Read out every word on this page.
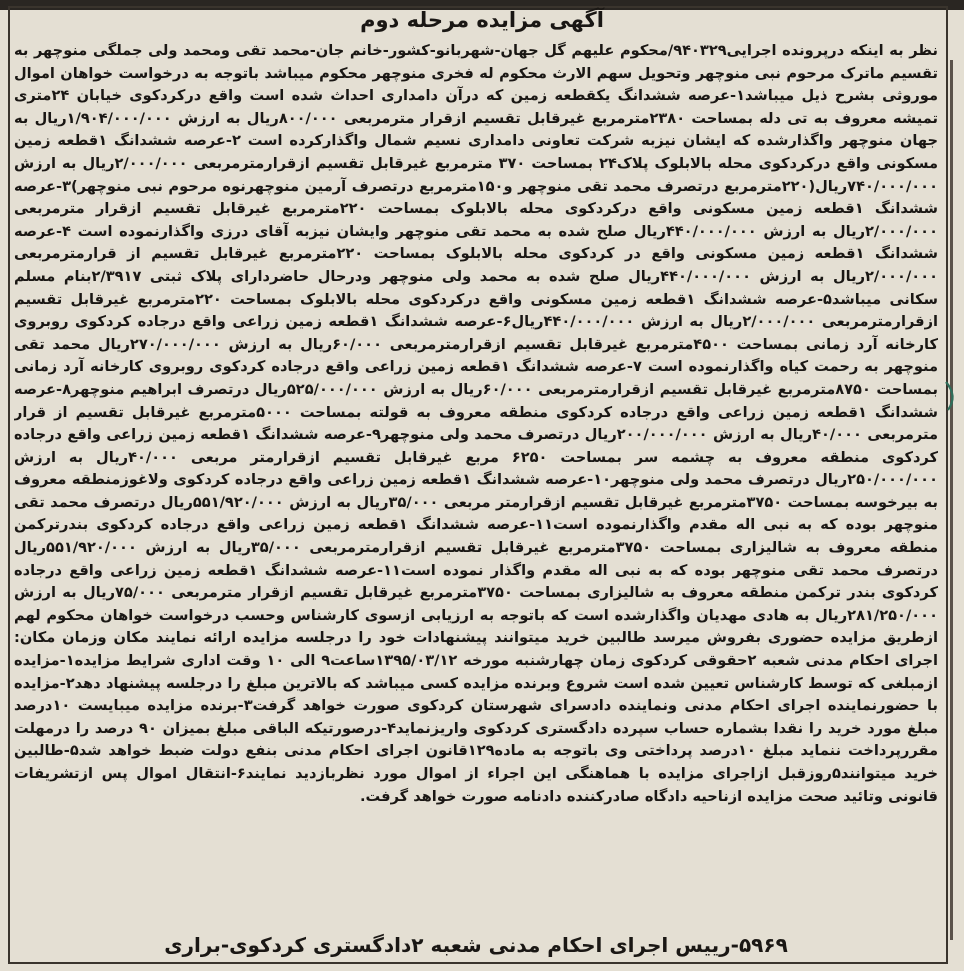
آگهی مزایده مرحله دوم
نظر به اینکه درپرونده اجرایی۹۴۰۳۲۹/محکوم علیهم گل جهان-شهربانو-کشور-خانم جان-محمد تقی ومحمد ولی جملگی منوچهر به تقسیم ماترک مرحوم نبی منوچهر وتحویل سهم الارث محکوم له فخری منوچهر محکوم میباشد باتوجه به درخواست خواهان اموال موروثی بشرح ذیل میباشد۱-عرصه ششدانگ یکقطعه زمین که درآن دامداری احداث شده است واقع درکردکوی خیابان ۲۴متری تمیشه معروف به تی دله بمساحت ۲۳۸۰مترمربع غیرقابل تقسیم ازقرار مترمربعی ۸۰۰/۰۰۰ریال به ارزش ۱/۹۰۴/۰۰۰/۰۰۰ریال به جهان منوچهر واگذارشده که ایشان نیزبه شرکت تعاونی دامداری نسیم شمال واگذارکرده است ۲-عرصه ششدانگ ۱قطعه زمین مسکونی واقع درکردکوی محله بالابلوک پلاک۲۴ بمساحت ۳۷۰ مترمربع غیرقابل تقسیم ازقرارمترمربعی ۲/۰۰۰/۰۰۰ریال به ارزش ۷۴۰/۰۰۰/۰۰۰ریال(۲۲۰مترمربع درتصرف محمد تقی منوچهر و۱۵۰مترمربع درتصرف آرمین منوچهرنوه مرحوم نبی منوچهر)۳-عرصه ششدانگ ۱قطعه زمین مسکونی واقع درکردکوی محله بالابلوک بمساحت ۲۲۰مترمربع غیرقابل تقسیم ازقرار مترمربعی ۲/۰۰۰/۰۰۰ریال به ارزش ۴۴۰/۰۰۰/۰۰۰ریال صلح شده به محمد تقی منوچهر وایشان نیزبه آقای درزی واگذارنموده است ۴-عرصه ششدانگ ۱قطعه زمین مسکونی واقع در کردکوی محله بالابلوک بمساحت ۲۲۰مترمربع غیرقابل تقسیم از قرارمترمربعی ۲/۰۰۰/۰۰۰ریال به ارزش ۴۴۰/۰۰۰/۰۰۰ریال صلح شده به محمد ولی منوچهر ودرحال حاضردارای پلاک ثبتی ۲/۳۹۱۷بنام مسلم سکانی میباشد۵-عرصه ششدانگ ۱قطعه زمین مسکونی واقع درکردکوی محله بالابلوک بمساحت ۲۲۰مترمربع غیرقابل تقسیم ازقرارمترمربعی ۲/۰۰۰/۰۰۰ریال به ارزش ۴۴۰/۰۰۰/۰۰۰ریال۶-عرصه ششدانگ ۱قطعه زمین زراعی واقع درجاده کردکوی روبروی کارخانه آرد زمانی بمساحت ۴۵۰۰مترمربع غیرقابل تقسیم ازقرارمترمربعی ۶۰/۰۰۰ریال به ارزش ۲۷۰/۰۰۰/۰۰۰ریال محمد تقی منوچهر به رحمت کیاه واگذارنموده است ۷-عرصه ششدانگ ۱قطعه زمین زراعی واقع درجاده کردکوی روبروی کارخانه آرد زمانی بمساحت ۸۷۵۰مترمربع غیرقابل تقسیم ازقرارمترمربعی ۶۰/۰۰۰ریال به ارزش ۵۲۵/۰۰۰/۰۰۰ریال درتصرف ابراهیم منوچهر۸-عرصه ششدانگ ۱قطعه زمین زراعی واقع درجاده کردکوی منطقه معروف به قولته بمساحت ۵۰۰۰مترمربع غیرقابل تقسیم از قرار مترمربعی ۴۰/۰۰۰ریال به ارزش ۲۰۰/۰۰۰/۰۰۰ریال درتصرف محمد ولی منوچهر۹-عرصه ششدانگ ۱قطعه زمین زراعی واقع درجاده کردکوی منطقه معروف به چشمه سر بمساحت ۶۲۵۰ مربع غیرقابل تقسیم ازقرارمتر مربعی ۴۰/۰۰۰ریال به ارزش ۲۵۰/۰۰۰/۰۰۰ریال درتصرف محمد ولی منوچهر۱۰-عرصه ششدانگ ۱قطعه زمین زراعی واقع درجاده کردکوی ولاغوزمنطقه معروف به بیرخوسه بمساحت ۳۷۵۰مترمربع غیرقابل تقسیم ازقرارمتر مربعی ۳۵/۰۰۰ریال به ارزش ۵۵۱/۹۲۰/۰۰۰ریال درتصرف محمد تقی منوچهر بوده که به نبی اله مقدم واگذارنموده است۱۱-عرصه ششدانگ ۱قطعه زمین زراعی واقع درجاده کردکوی بندرترکمن منطقه معروف به شالیزاری بمساحت ۳۷۵۰مترمربع غیرقابل تقسیم ازقرارمترمربعی ۳۵/۰۰۰ریال به ارزش ۵۵۱/۹۲۰/۰۰۰ریال درتصرف محمد تقی منوچهر بوده که به نبی اله مقدم واگذار نموده است۱۱-عرصه ششدانگ ۱قطعه زمین زراعی واقع درجاده کردکوی بندر ترکمن منطقه معروف به شالیزاری بمساحت ۳۷۵۰مترمربع غیرقابل تقسیم ازقرار مترمربعی ۷۵/۰۰۰ریال به ارزش ۲۸۱/۲۵۰/۰۰۰ریال به هادی مهدیان واگذارشده است که باتوجه به ارزیابی ازسوی کارشناس وحسب درخواست خواهان محکوم لهم ازطریق مزایده حضوری بفروش میرسد طالبین خرید میتوانند پیشنهادات خود را درجلسه مزایده ارائه نمایند مکان وزمان مکان: اجرای احکام مدنی شعبه ۲حقوقی کردکوی زمان چهارشنبه مورخه ۱۳۹۵/۰۳/۱۲ساعت۹ الی ۱۰ وقت اداری شرایط مزایده۱-مزایده ازمبلغی که توسط کارشناس تعیین شده است شروع وبرنده مزایده کسی میباشد که بالاترین مبلغ را درجلسه پیشنهاد دهد۲-مزایده با حضورنماینده اجرای احکام مدنی ونماینده دادسرای شهرستان کردکوی صورت خواهد گرفت۳-برنده مزایده میبایست ۱۰درصد مبلغ مورد خرید را نقدا بشماره حساب سپرده دادگستری کردکوی واریزنماید۴-درصورتیکه الباقی مبلغ بمیزان ۹۰ درصد را درمهلت مقررپرداخت ننماید مبلغ ۱۰درصد پرداختی وی باتوجه به ماده۱۲۹قانون اجرای احکام مدنی بنفع دولت ضبط خواهد شد۵-طالبین خرید میتوانند۵روزقبل ازاجرای مزایده با هماهنگی این اجراء از اموال مورد نظربازدید نمایند۶-انتقال اموال پس ازتشریفات قانونی وتائید صحت مزایده ازناحیه دادگاه صادرکننده دادنامه صورت خواهد گرفت.
۵۹۶۹-رییس اجرای احکام مدنی شعبه ۲دادگستری کردکوی-براری
